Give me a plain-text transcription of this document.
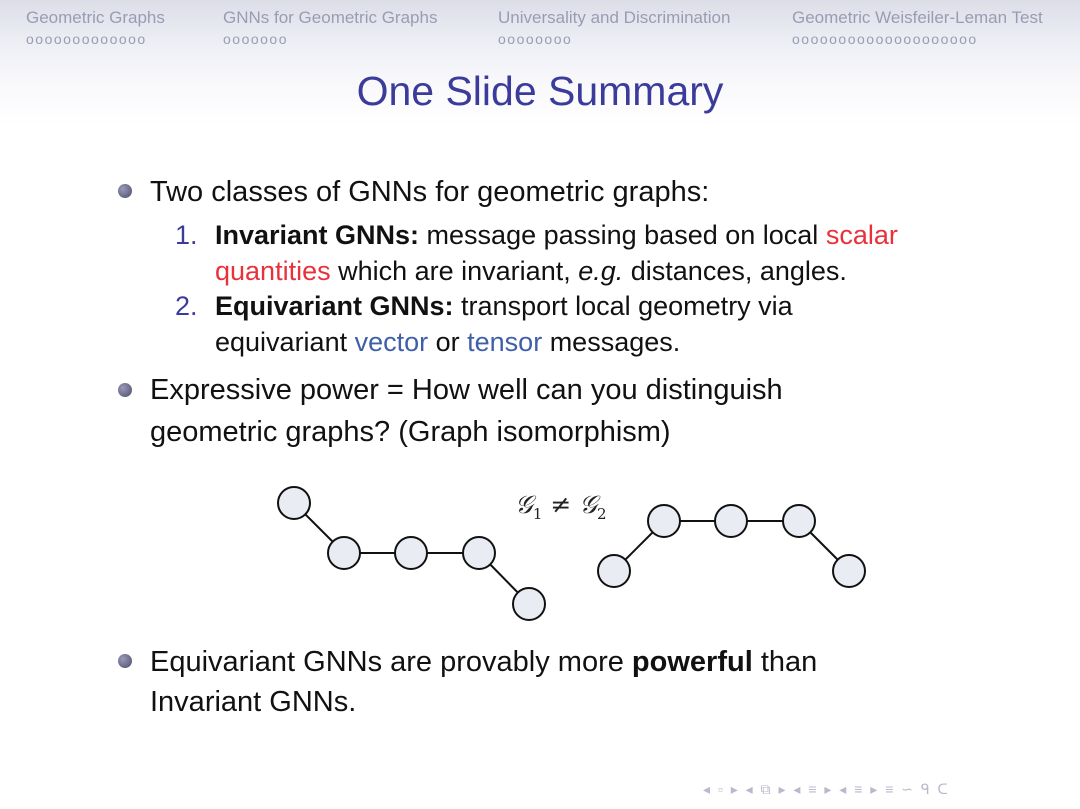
Geometric Graphs
ooooooooooooo
GNNs for Geometric Graphs
ooooooo
Universality and Discrimination
oooooooo
Geometric Weisfeiler-Leman Test
oooooooooooooooooooo
One Slide Summary
Two classes of GNNs for geometric graphs:
1. Invariant GNNs: message passing based on local scalar
quantities which are invariant, e.g. distances, angles.
2. Equivariant GNNs: transport local geometry via
equivariant vector or tensor messages.
Expressive power = How well can you distinguish
geometric graphs? (Graph isomorphism)
𝒢$_1$ ≠ 𝒢$_2$
Equivariant GNNs are provably more powerful than
Invariant GNNs.
◂ ▫ ▸ ◂ ⧉ ▸ ◂ ≡ ▸ ◂ ≡ ▸ ≡ ∽ ᑫ ᑕ
